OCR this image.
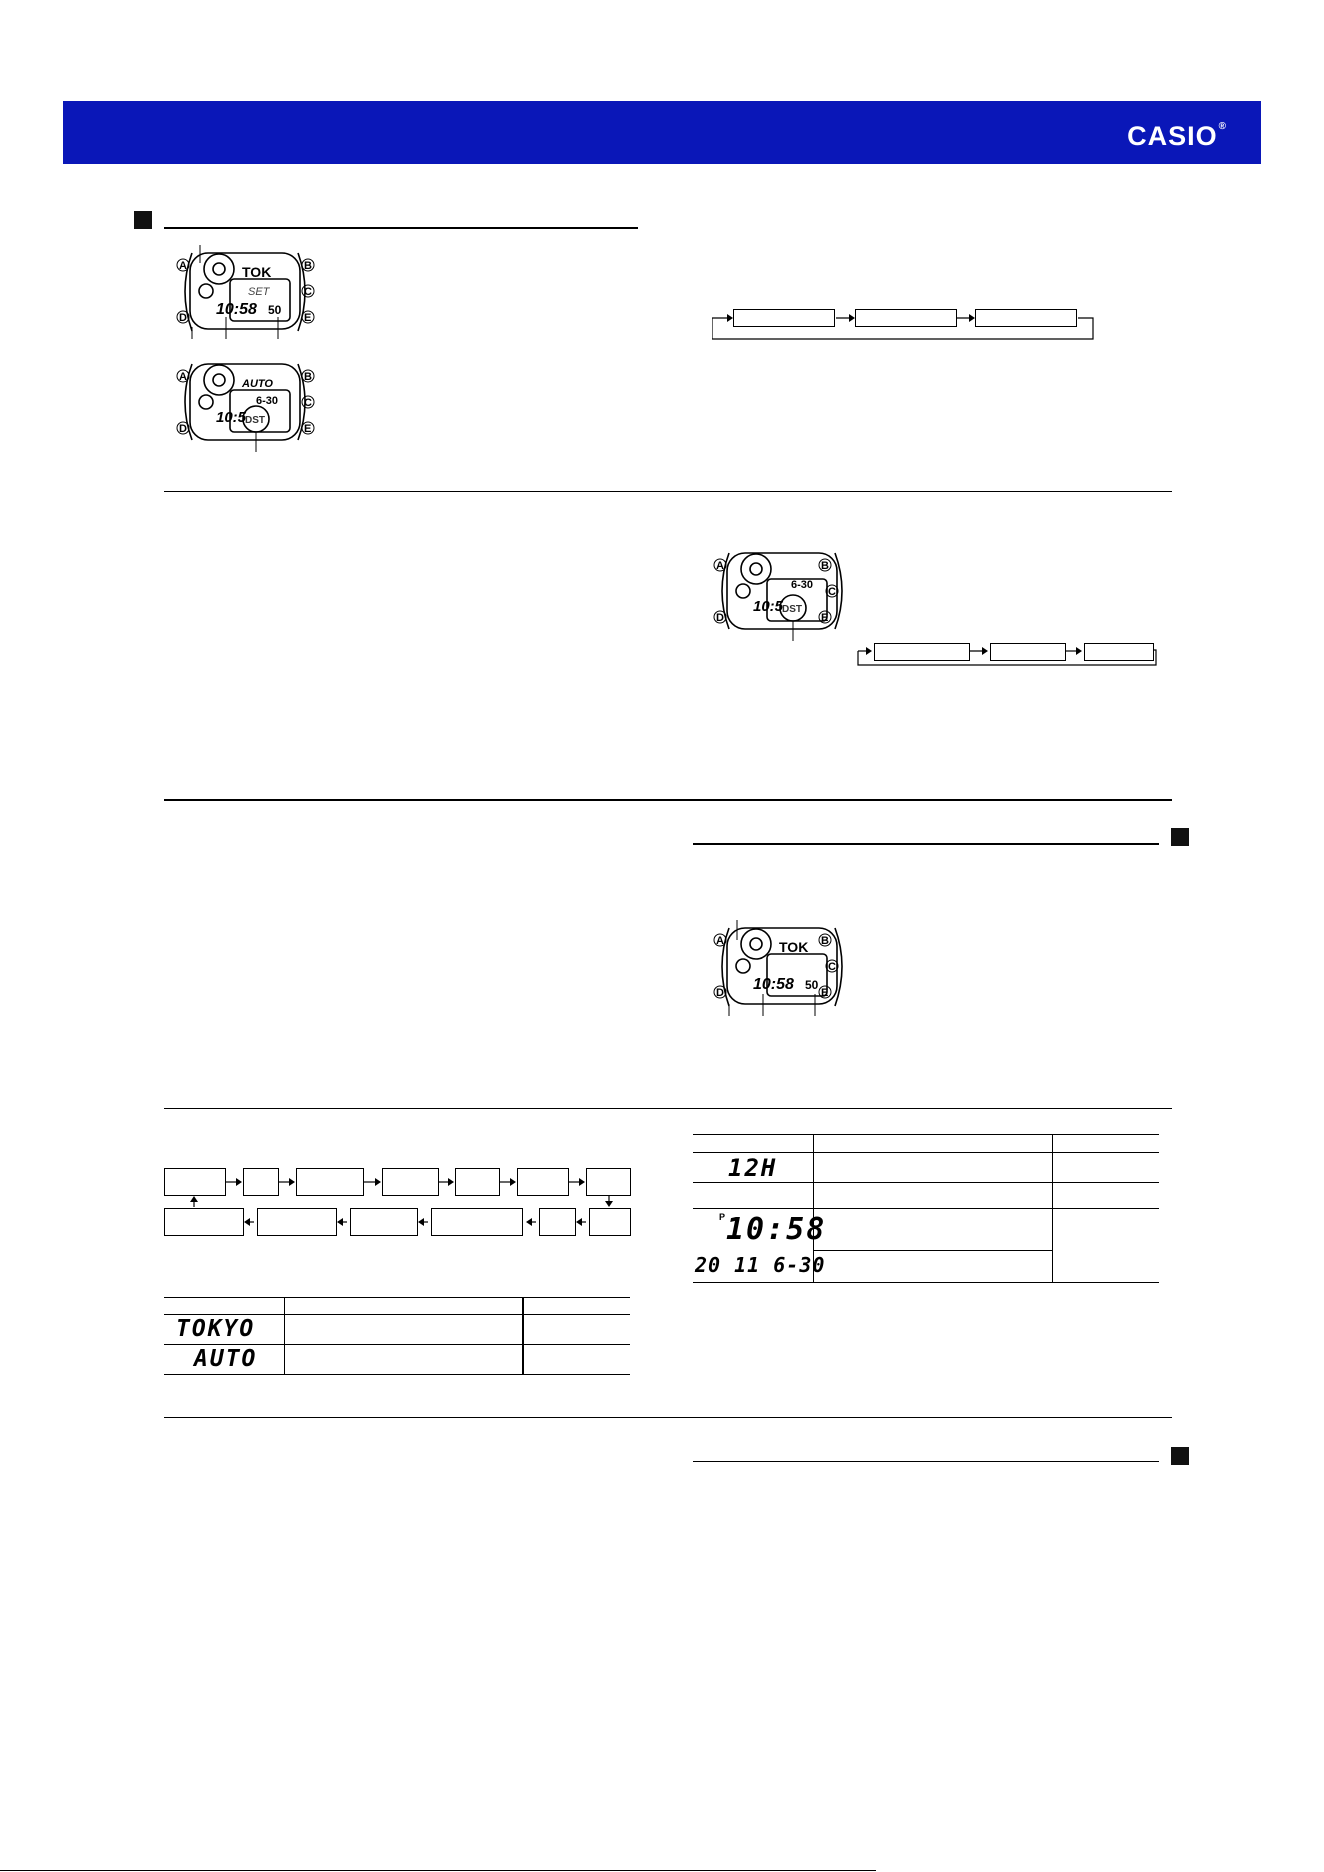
CASIO®
A
D
B
C
E
TOK
SET
10:58 50
A
D
B
C
E
AUTO
6-30
10:5
DST
A
D
B
C
E
6-30
10:5
DST
A
D
B
C
E
TOK
10:58 50
TOKYO
AUTO
12H
P 10:58
20 11 6-30
